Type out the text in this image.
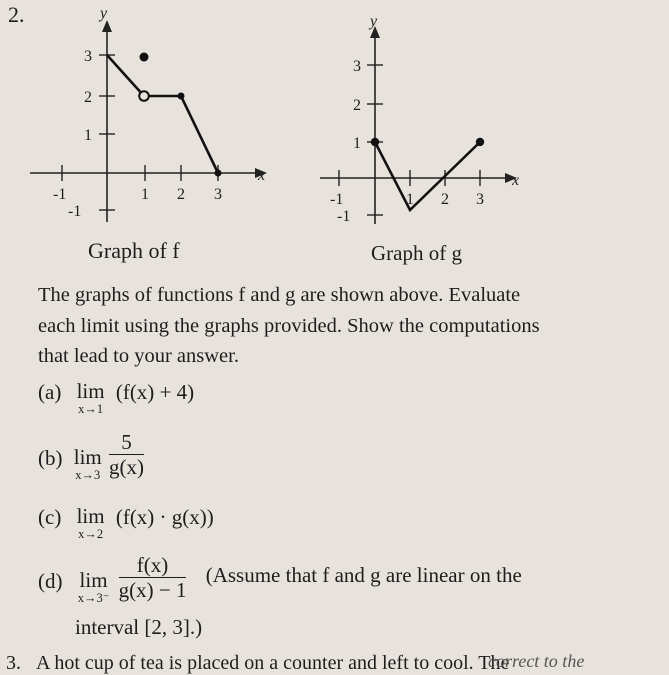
2.	y
x
-1	1 2 3
3
2
1
-1
Graph of f
y
x
-1	1 2 3
3
2
1
-1
Graph of g
The graphs of functions f and g are shown above. Evaluate
each limit using the graphs provided. Show the computations
that lead to your answer.
(a) lim
x→1
(f(x) + 4)
(b) lim
x→3
$\frac{5}{g(x)}$
(c) lim
x→2
(f(x) · g(x))
(d) lim
x→3⁻
$\frac{f(x)}{g(x) - 1}$ (Assume that f and g are linear on the
interval [2, 3].)
3. A hot cup of tea is placed on a counter and left to cool. The
correct to the
